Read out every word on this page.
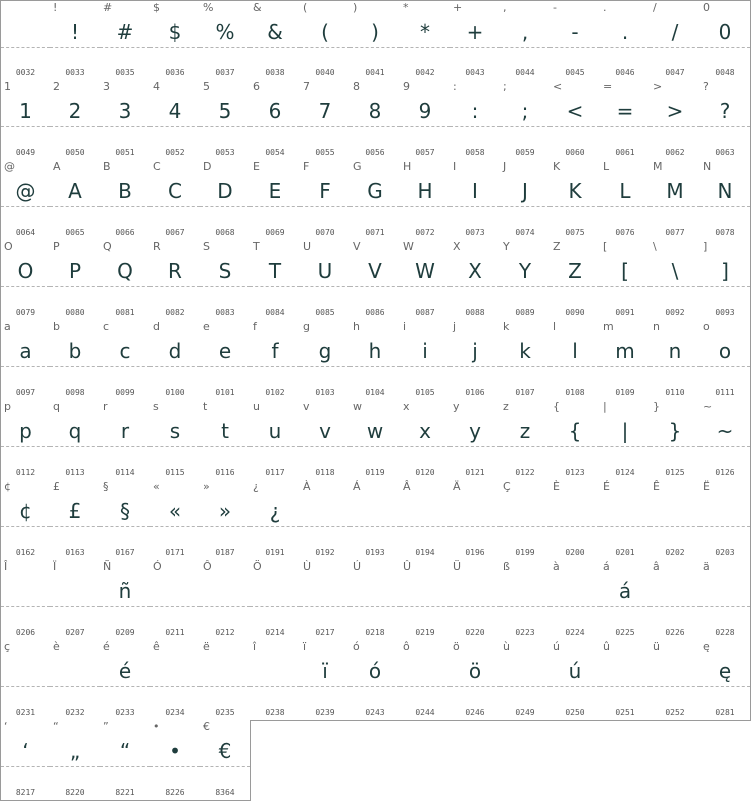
0032
!
!
0033
#
#
0035
$
$
0036
%
%
0037
&
&
0038
(
(
0040
)
)
0041
*
*
0042
+
+
0043
,
,
0044
-
-
0045
.
.
0046
/
/
0047
0
0
0048
1
1
0049
2
2
0050
3
3
0051
4
4
0052
5
5
0053
6
6
0054
7
7
0055
8
8
0056
9
9
0057
:
:
0058
;
;
0059
<
<
0060
=
=
0061
>
>
0062
?
?
0063
@
@
0064
A
A
0065
B
B
0066
C
C
0067
D
D
0068
E
E
0069
F
F
0070
G
G
0071
H
H
0072
I
I
0073
J
J
0074
K
K
0075
L
L
0076
M
M
0077
N
N
0078
O
O
0079
P
P
0080
Q
Q
0081
R
R
0082
S
S
0083
T
T
0084
U
U
0085
V
V
0086
W
W
0087
X
X
0088
Y
Y
0089
Z
Z
0090
[
[
0091
\
\
0092
]
]
0093
a
a
0097
b
b
0098
c
c
0099
d
d
0100
e
e
0101
f
f
0102
g
g
0103
h
h
0104
i
i
0105
j
j
0106
k
k
0107
l
l
0108
m
m
0109
n
n
0110
o
o
0111
p
p
0112
q
q
0113
r
r
0114
s
s
0115
t
t
0116
u
u
0117
v
v
0118
w
w
0119
x
x
0120
y
y
0121
z
z
0122
{
{
0123
|
|
0124
}
}
0125
~
~
0126
¢
¢
0162
£
£
0163
§
§
0167
«
«
0171
»
»
0187
¿
¿
0191
À
0192
Á
0193
Â
0194
Ä
0196
Ç
0199
È
0200
É
0201
Ê
0202
Ë
0203
Î
0206
Ï
0207
Ñ
ñ
0209
Ó
0211
Ô
0212
Ö
0214
Ù
0217
Ú
0218
Û
0219
Ü
0220
ß
0223
à
0224
á
á
0225
â
0226
ä
0228
ç
0231
è
0232
é
é
0233
ê
0234
ë
0235
î
0238
ï
ï
0239
ó
ó
0243
ô
0244
ö
ö
0246
ù
0249
ú
ú
0250
û
0251
ü
0252
ę
ę
0281
‘
‘
8217
“
„
8220
”
“
8221
•
•
8226
€
€
8364
